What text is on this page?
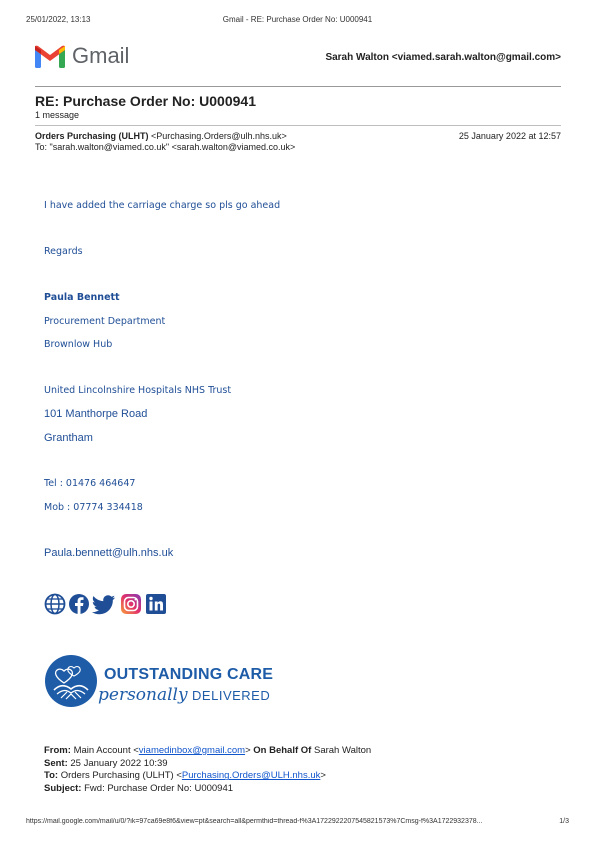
25/01/2022, 13:13	Gmail - RE: Purchase Order No: U000941
Gmail	Sarah Walton <viamed.sarah.walton@gmail.com>
RE: Purchase Order No: U000941
1 message
Orders Purchasing (ULHT) <Purchasing.Orders@ulh.nhs.uk>	25 January 2022 at 12:57
To: "sarah.walton@viamed.co.uk" <sarah.walton@viamed.co.uk>
I have added the carriage charge so pls go ahead
Regards
Paula Bennett
Procurement Department
Brownlow Hub
United Lincolnshire Hospitals NHS Trust
101 Manthorpe Road
Grantham
Tel : 01476 464647
Mob : 07774 334418
Paula.bennett@ulh.nhs.uk
OUTSTANDING CARE
personally DELIVERED
From: Main Account <viamedinbox@gmail.com> On Behalf Of Sarah Walton
Sent: 25 January 2022 10:39
To: Orders Purchasing (ULHT) <Purchasing.Orders@ULH.nhs.uk>
Subject: Fwd: Purchase Order No: U000941
https://mail.google.com/mail/u/0/?ik=97ca69e8f6&view=pt&search=all&permthid=thread-f%3A1722922207545821573%7Cmsg-f%3A1722932378...	1/3
